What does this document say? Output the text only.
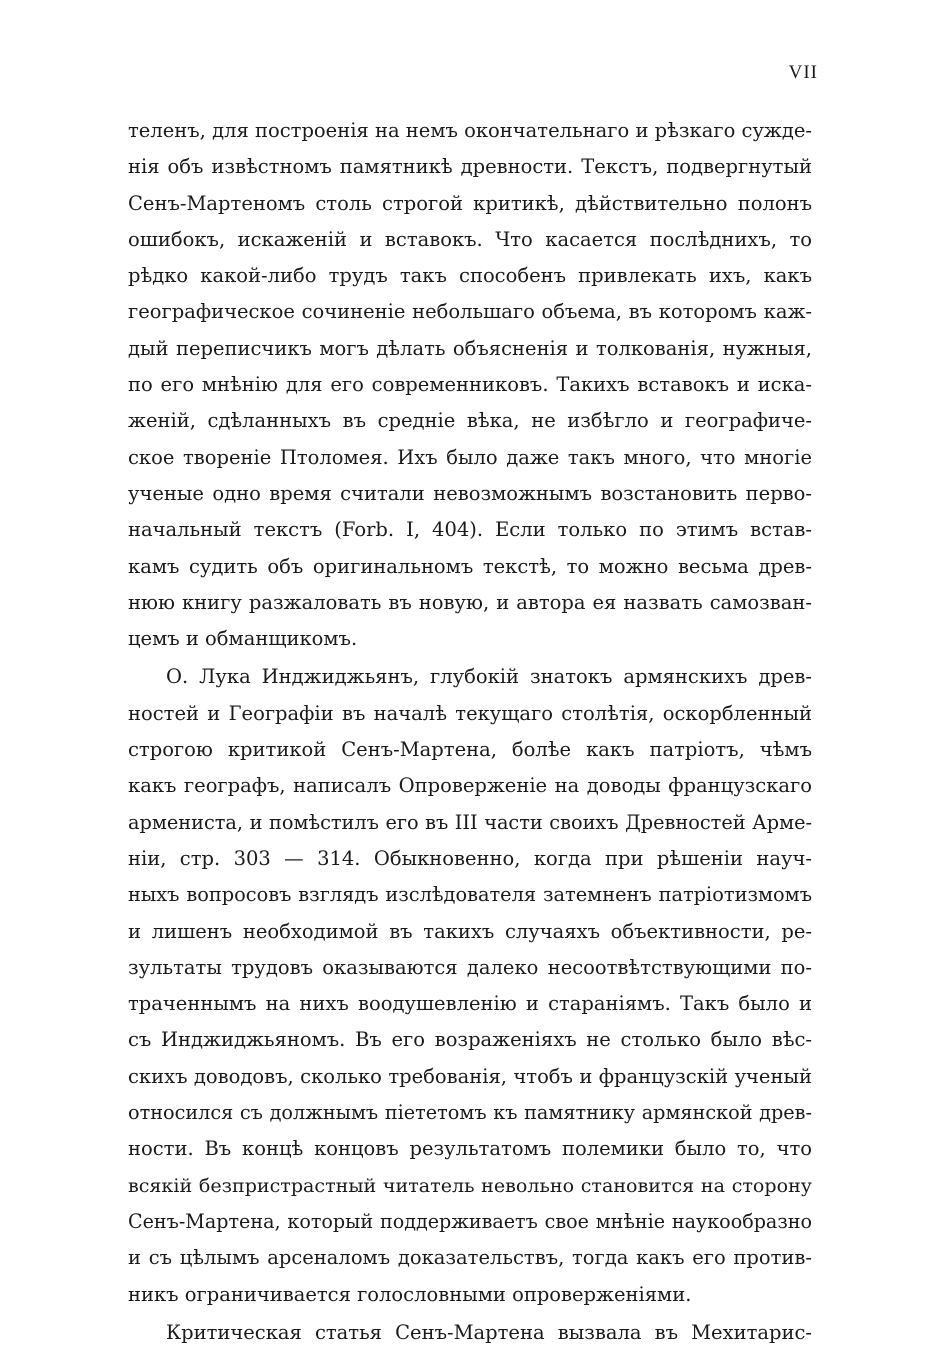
VII
теленъ, для построенія на немъ окончательнаго и рѣзкаго сужде-
нія объ извѣстномъ памятникѣ древности. Текстъ, подвергнутый
Сенъ-Мартеномъ столь строгой критикѣ, дѣйствительно полонъ
ошибокъ, искаженій и вставокъ. Что касается послѣднихъ, то
рѣдко какой-либо трудъ такъ способенъ привлекать ихъ, какъ
географическое сочиненіе небольшаго объема, въ которомъ каж-
дый переписчикъ могъ дѣлать объясненія и толкованія, нужныя,
по его мнѣнію для его современниковъ. Такихъ вставокъ и иска-
женій, сдѣланныхъ въ средніе вѣка, не избѣгло и географиче-
ское твореніе Птоломея. Ихъ было даже такъ много, что многіе
ученые одно время считали невозможнымъ возстановить перво-
начальный текстъ (Forb. I, 404). Если только по этимъ встав-
камъ судить объ оригинальномъ текстѣ, то можно весьма древ-
нюю книгу разжаловать въ новую, и автора ея назвать самозван-
цемъ и обманщикомъ.
О. Лука Инджиджьянъ, глубокій знатокъ армянскихъ древ-
ностей и Географіи въ началѣ текущаго столѣтія, оскорбленный
строгою критикой Сенъ-Мартена, болѣе какъ патріотъ, чѣмъ
какъ географъ, написалъ Опроверженіе на доводы французскаго
армениста, и помѣстилъ его въ III части своихъ Древностей Арме-
ніи, стр. 303 — 314. Обыкновенно, когда при рѣшеніи науч-
ныхъ вопросовъ взглядъ изслѣдователя затемненъ патріотизмомъ
и лишенъ необходимой въ такихъ случаяхъ объективности, ре-
зультаты трудовъ оказываются далеко несоотвѣтствующими по-
траченнымъ на нихъ воодушевленію и стараніямъ. Такъ было и
съ Инджиджьяномъ. Въ его возраженіяхъ не столько было вѣс-
скихъ доводовъ, сколько требованія, чтобъ и французскій ученый
относился съ должнымъ піететомъ къ памятнику армянской древ-
ности. Въ концѣ концовъ результатомъ полемики было то, что
всякій безпристрастный читатель невольно становится на сторону
Сенъ-Мартена, который поддерживаетъ свое мнѣніе наукообразно
и съ цѣлымъ арсеналомъ доказательствъ, тогда какъ его против-
никъ ограничивается голословными опроверженіями.
Критическая статья Сенъ-Мартена вызвала въ Мехитарис-
